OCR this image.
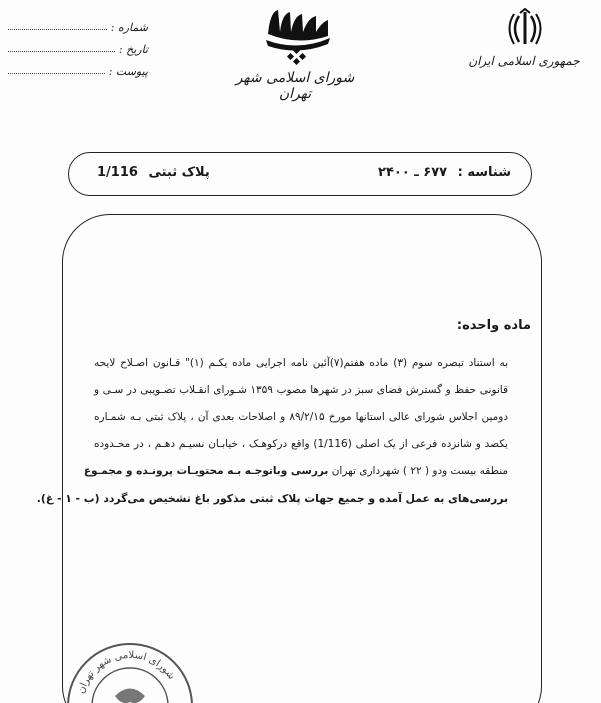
شماره :
تاریخ :
پیوست :	شورای اسلامی شهر تهران
جمهوری اسلامی ایران
شناسه : ۶۷۷ ـ ۲۴۰۰
پلاک ثبتی 1/116
ماده واحده:

به استناد تبصره سوم (۳) ماده هفتم(۷)آئین نامه اجرایی ماده یکـم (۱)" قـانون اصـلاح لایحه

قانونی حفظ و گسترش فضای سبز در شهرها مصوب ۱۳۵۹ شـورای انقـلاب تصـویبی در سـی و

دومین اجلاس شورای عالی استانها مورخ ۸۹/۲/۱۵ و اصلاحات بعدی آن ، پلاک ثبتی بـه شمـاره

یکصد و شانزده فرعی از یک اصلی (1/116) واقع درکوهـک ، خیابـان نسیـم دهـم ، در محـدوده

منطقه بیست ودو ( ۲۲ ) شهرداری تهران بررسی وباتوجـه بـه محتویـات پرونـده و مجمـوع

بررسی‌های به عمل آمده و جمیع جهات پلاک ثبتی مذکور باغ تشخیص می‌گردد (ب - ۱ - غ).

شورای اسلامی شهر تهران
